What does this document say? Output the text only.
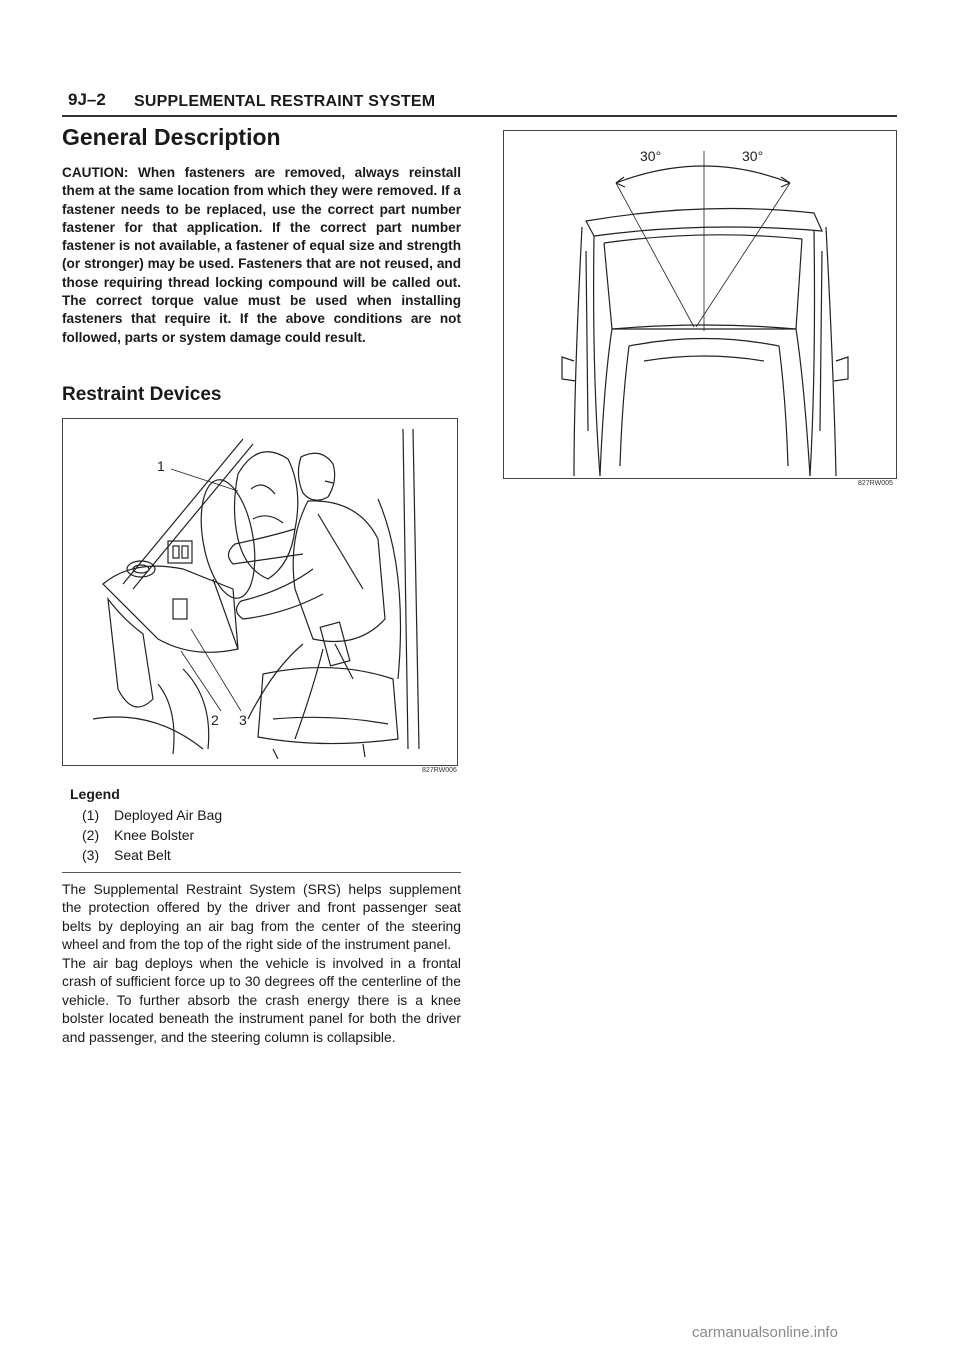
9J–2 SUPPLEMENTAL RESTRAINT SYSTEM
General Description
CAUTION: When fasteners are removed, always reinstall them at the same location from which they were removed. If a fastener needs to be replaced, use the correct part number fastener for that application. If the correct part number fastener is not available, a fastener of equal size and strength (or stronger) may be used. Fasteners that are not reused, and those requiring thread locking compound will be called out. The correct torque value must be used when installing fasteners that require it. If the above conditions are not followed, parts or system damage could result.
Restraint Devices
1
2 3
827RW006
30°	30°
827RW005
Legend
(1) Deployed Air Bag
(2) Knee Bolster
(3) Seat Belt
The Supplemental Restraint System (SRS) helps supplement the protection offered by the driver and front passenger seat belts by deploying an air bag from the center of the steering wheel and from the top of the right side of the instrument panel.
The air bag deploys when the vehicle is involved in a frontal crash of sufficient force up to 30 degrees off the centerline of the vehicle. To further absorb the crash energy there is a knee bolster located beneath the instrument panel for both the driver and passenger, and the steering column is collapsible.
carmanualsonline.info
